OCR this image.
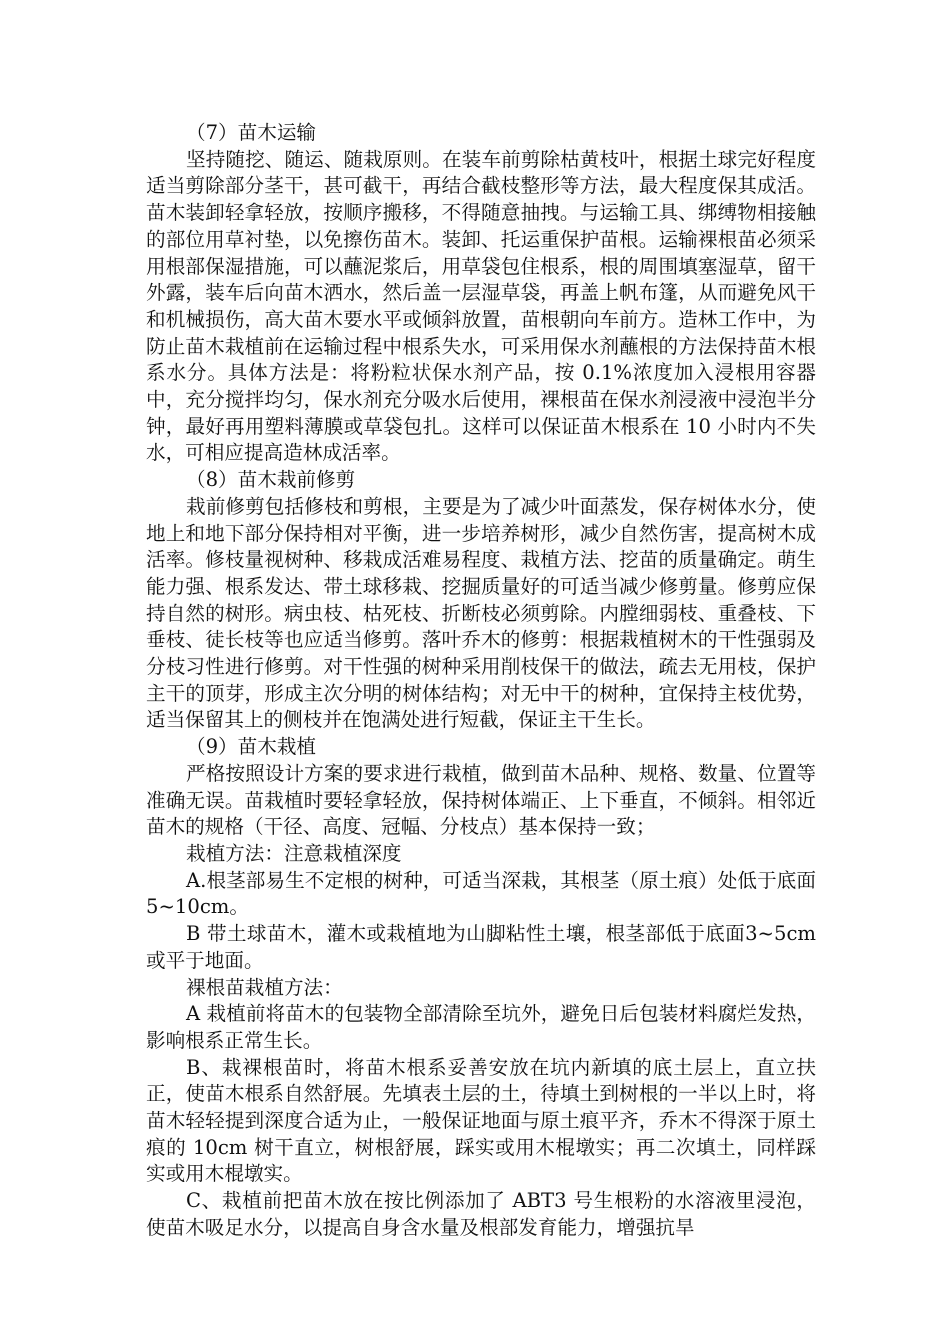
（7）苗木运输

坚持随挖、随运、随栽原则。在装车前剪除枯黄枝叶，根据土球完好程度适当剪除部分茎干，甚可截干，再结合截枝整形等方法，最大程度保其成活。苗木装卸轻拿轻放，按顺序搬移，不得随意抽拽。与运输工具、绑缚物相接触的部位用草衬垫，以免擦伤苗木。装卸、托运重保护苗根。运输裸根苗必须采用根部保湿措施，可以蘸泥浆后，用草袋包住根系，根的周围填塞湿草，留干外露，装车后向苗木洒水，然后盖一层湿草袋，再盖上帆布篷，从而避免风干和机械损伤，高大苗木要水平或倾斜放置，苗根朝向车前方。造林工作中，为防止苗木栽植前在运输过程中根系失水，可采用保水剂蘸根的方法保持苗木根系水分。具体方法是：将粉粒状保水剂产品，按 0.1%浓度加入浸根用容器中，充分搅拌均匀，保水剂充分吸水后使用，裸根苗在保水剂浸液中浸泡半分钟，最好再用塑料薄膜或草袋包扎。这样可以保证苗木根系在 10 小时内不失水，可相应提高造林成活率。

（8）苗木栽前修剪

栽前修剪包括修枝和剪根，主要是为了减少叶面蒸发，保存树体水分，使地上和地下部分保持相对平衡，进一步培养树形，减少自然伤害，提高树木成活率。修枝量视树种、移栽成活难易程度、栽植方法、挖苗的质量确定。萌生能力强、根系发达、带土球移栽、挖掘质量好的可适当减少修剪量。修剪应保持自然的树形。病虫枝、枯死枝、折断枝必须剪除。内膛细弱枝、重叠枝、下垂枝、徒长枝等也应适当修剪。落叶乔木的修剪：根据栽植树木的干性强弱及分枝习性进行修剪。对干性强的树种采用削枝保干的做法，疏去无用枝，保护主干的顶芽，形成主次分明的树体结构；对无中干的树种，宜保持主枝优势，适当保留其上的侧枝并在饱满处进行短截，保证主干生长。

（9）苗木栽植

严格按照设计方案的要求进行栽植，做到苗木品种、规格、数量、位置等准确无误。苗栽植时要轻拿轻放，保持树体端正、上下垂直，不倾斜。相邻近苗木的规格（干径、高度、冠幅、分枝点）基本保持一致；

栽植方法：注意栽植深度

A.根茎部易生不定根的树种，可适当深栽，其根茎（原土痕）处低于底面 5~10cm。

B 带土球苗木，灌木或栽植地为山脚粘性土壤，根茎部低于底面3~5cm 或平于地面。

裸根苗栽植方法：

A 栽植前将苗木的包装物全部清除至坑外，避免日后包装材料腐烂发热，影响根系正常生长。

B、栽裸根苗时，将苗木根系妥善安放在坑内新填的底土层上，直立扶正，使苗木根系自然舒展。先填表土层的土，待填土到树根的一半以上时，将苗木轻轻提到深度合适为止，一般保证地面与原土痕平齐，乔木不得深于原土痕的 10cm 树干直立，树根舒展，踩实或用木棍墩实；再二次填土，同样踩实或用木棍墩实。

C、栽植前把苗木放在按比例添加了 ABT3 号生根粉的水溶液里浸泡，使苗木吸足水分，以提高自身含水量及根部发育能力，增强抗旱
